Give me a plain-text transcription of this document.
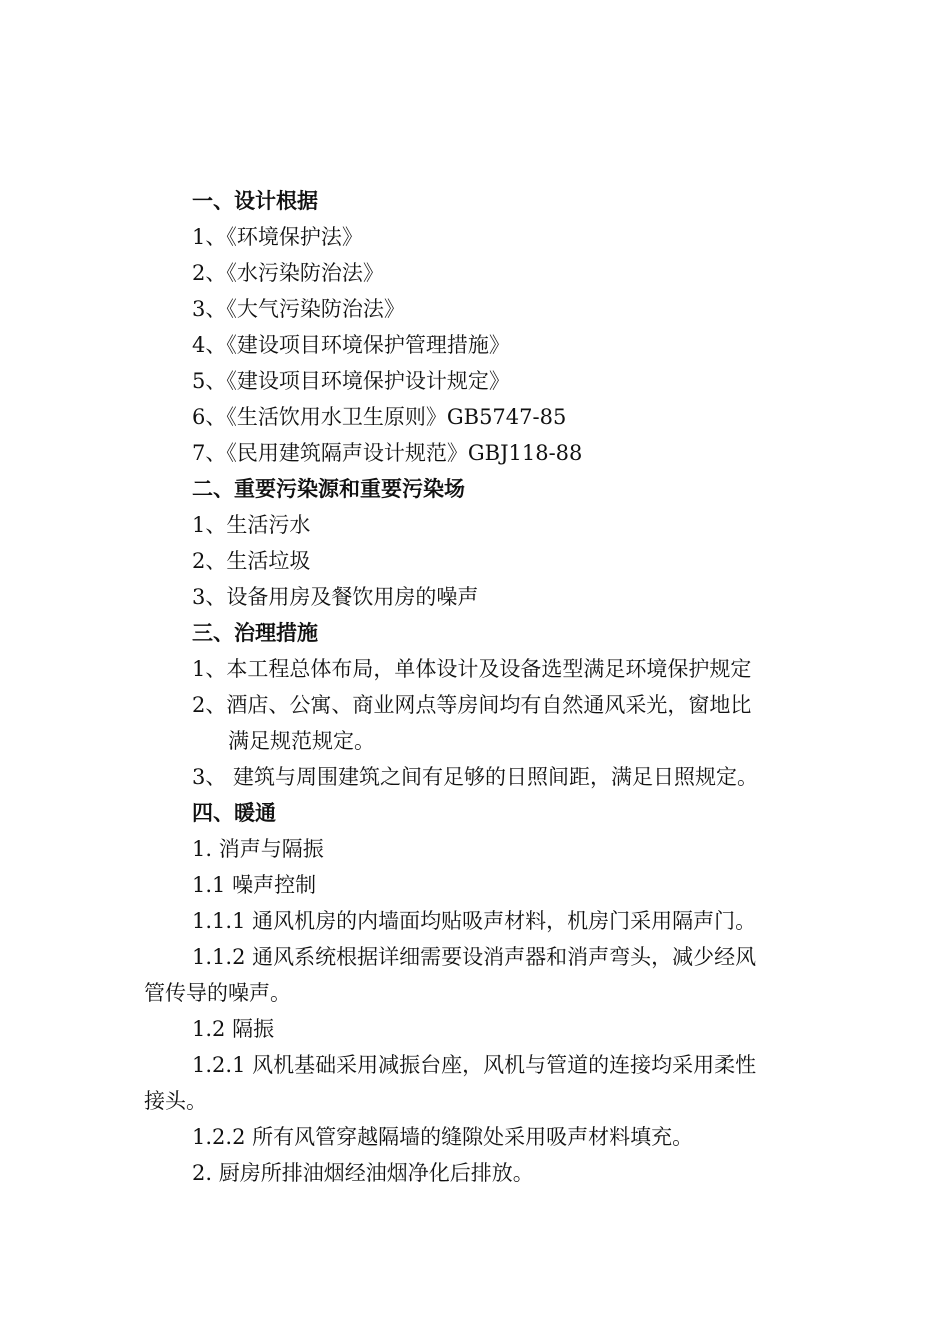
一、设计根据
1、《环境保护法》
2、《水污染防治法》
3、《大气污染防治法》
4、《建设项目环境保护管理措施》
5、《建设项目环境保护设计规定》
6、《生活饮用水卫生原则》GB5747-85
7、《民用建筑隔声设计规范》GBJ118-88
二、重要污染源和重要污染场
1、生活污水
2、生活垃圾
3、设备用房及餐饮用房的噪声
三、治理措施
1、本工程总体布局，单体设计及设备选型满足环境保护规定
2、酒店、公寓、商业网点等房间均有自然通风采光，窗地比
满足规范规定。
3、 建筑与周围建筑之间有足够的日照间距，满足日照规定。
四、暖通
1. 消声与隔振
1.1 噪声控制
1.1.1 通风机房的内墙面均贴吸声材料，机房门采用隔声门。
1.1.2 通风系统根据详细需要设消声器和消声弯头，减少经风
管传导的噪声。
1.2 隔振
1.2.1 风机基础采用减振台座，风机与管道的连接均采用柔性
接头。
1.2.2 所有风管穿越隔墙的缝隙处采用吸声材料填充。
2. 厨房所排油烟经油烟净化后排放。
